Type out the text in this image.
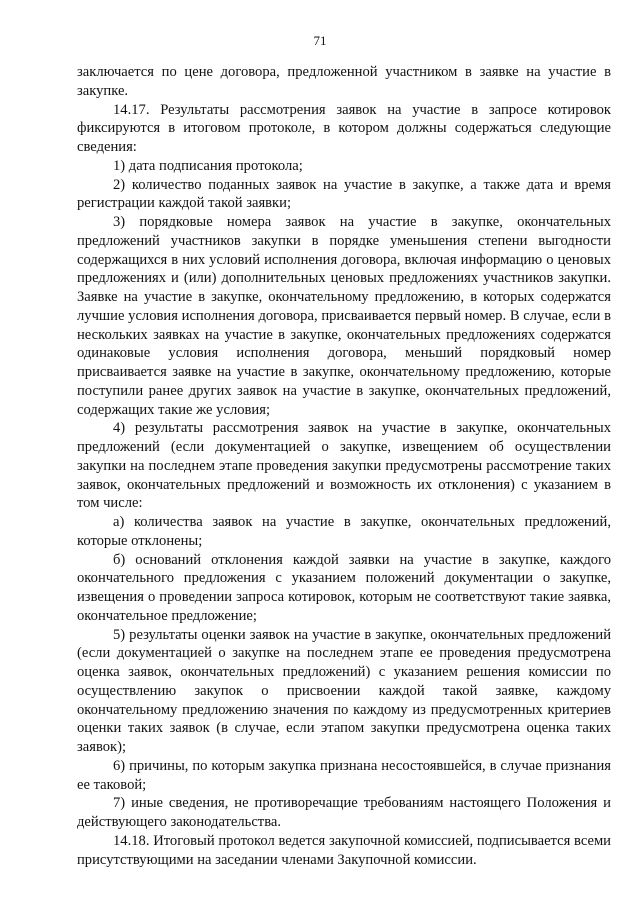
71

заключается по цене договора, предложенной участником в заявке на участие в закупке.

14.17. Результаты рассмотрения заявок на участие в запросе котировок фиксируются в итоговом протоколе, в котором должны содержаться следующие сведения:

1) дата подписания протокола;

2) количество поданных заявок на участие в закупке, а также дата и время регистрации каждой такой заявки;

3) порядковые номера заявок на участие в закупке, окончательных предложений участников закупки в порядке уменьшения степени выгодности содержащихся в них условий исполнения договора, включая информацию о ценовых предложениях и (или) дополнительных ценовых предложениях участников закупки. Заявке на участие в закупке, окончательному предложению, в которых содержатся лучшие условия исполнения договора, присваивается первый номер. В случае, если в нескольких заявках на участие в закупке, окончательных предложениях содержатся одинаковые условия исполнения договора, меньший порядковый номер присваивается заявке на участие в закупке, окончательному предложению, которые поступили ранее других заявок на участие в закупке, окончательных предложений, содержащих такие же условия;

4) результаты рассмотрения заявок на участие в закупке, окончательных предложений (если документацией о закупке, извещением об осуществлении закупки на последнем этапе проведения закупки предусмотрены рассмотрение таких заявок, окончательных предложений и возможность их отклонения) с указанием в том числе:

а) количества заявок на участие в закупке, окончательных предложений, которые отклонены;

б) оснований отклонения каждой заявки на участие в закупке, каждого окончательного предложения с указанием положений документации о закупке, извещения о проведении запроса котировок, которым не соответствуют такие заявка, окончательное предложение;

5) результаты оценки заявок на участие в закупке, окончательных предложений (если документацией о закупке на последнем этапе ее проведения предусмотрена оценка заявок, окончательных предложений) с указанием решения комиссии по осуществлению закупок о присвоении каждой такой заявке, каждому окончательному предложению значения по каждому из предусмотренных критериев оценки таких заявок (в случае, если этапом закупки предусмотрена оценка таких заявок);

6) причины, по которым закупка признана несостоявшейся, в случае признания ее таковой;

7) иные сведения, не противоречащие требованиям настоящего Положения и действующего законодательства.

14.18. Итоговый протокол ведется закупочной комиссией, подписывается всеми присутствующими на заседании членами Закупочной комиссии.
